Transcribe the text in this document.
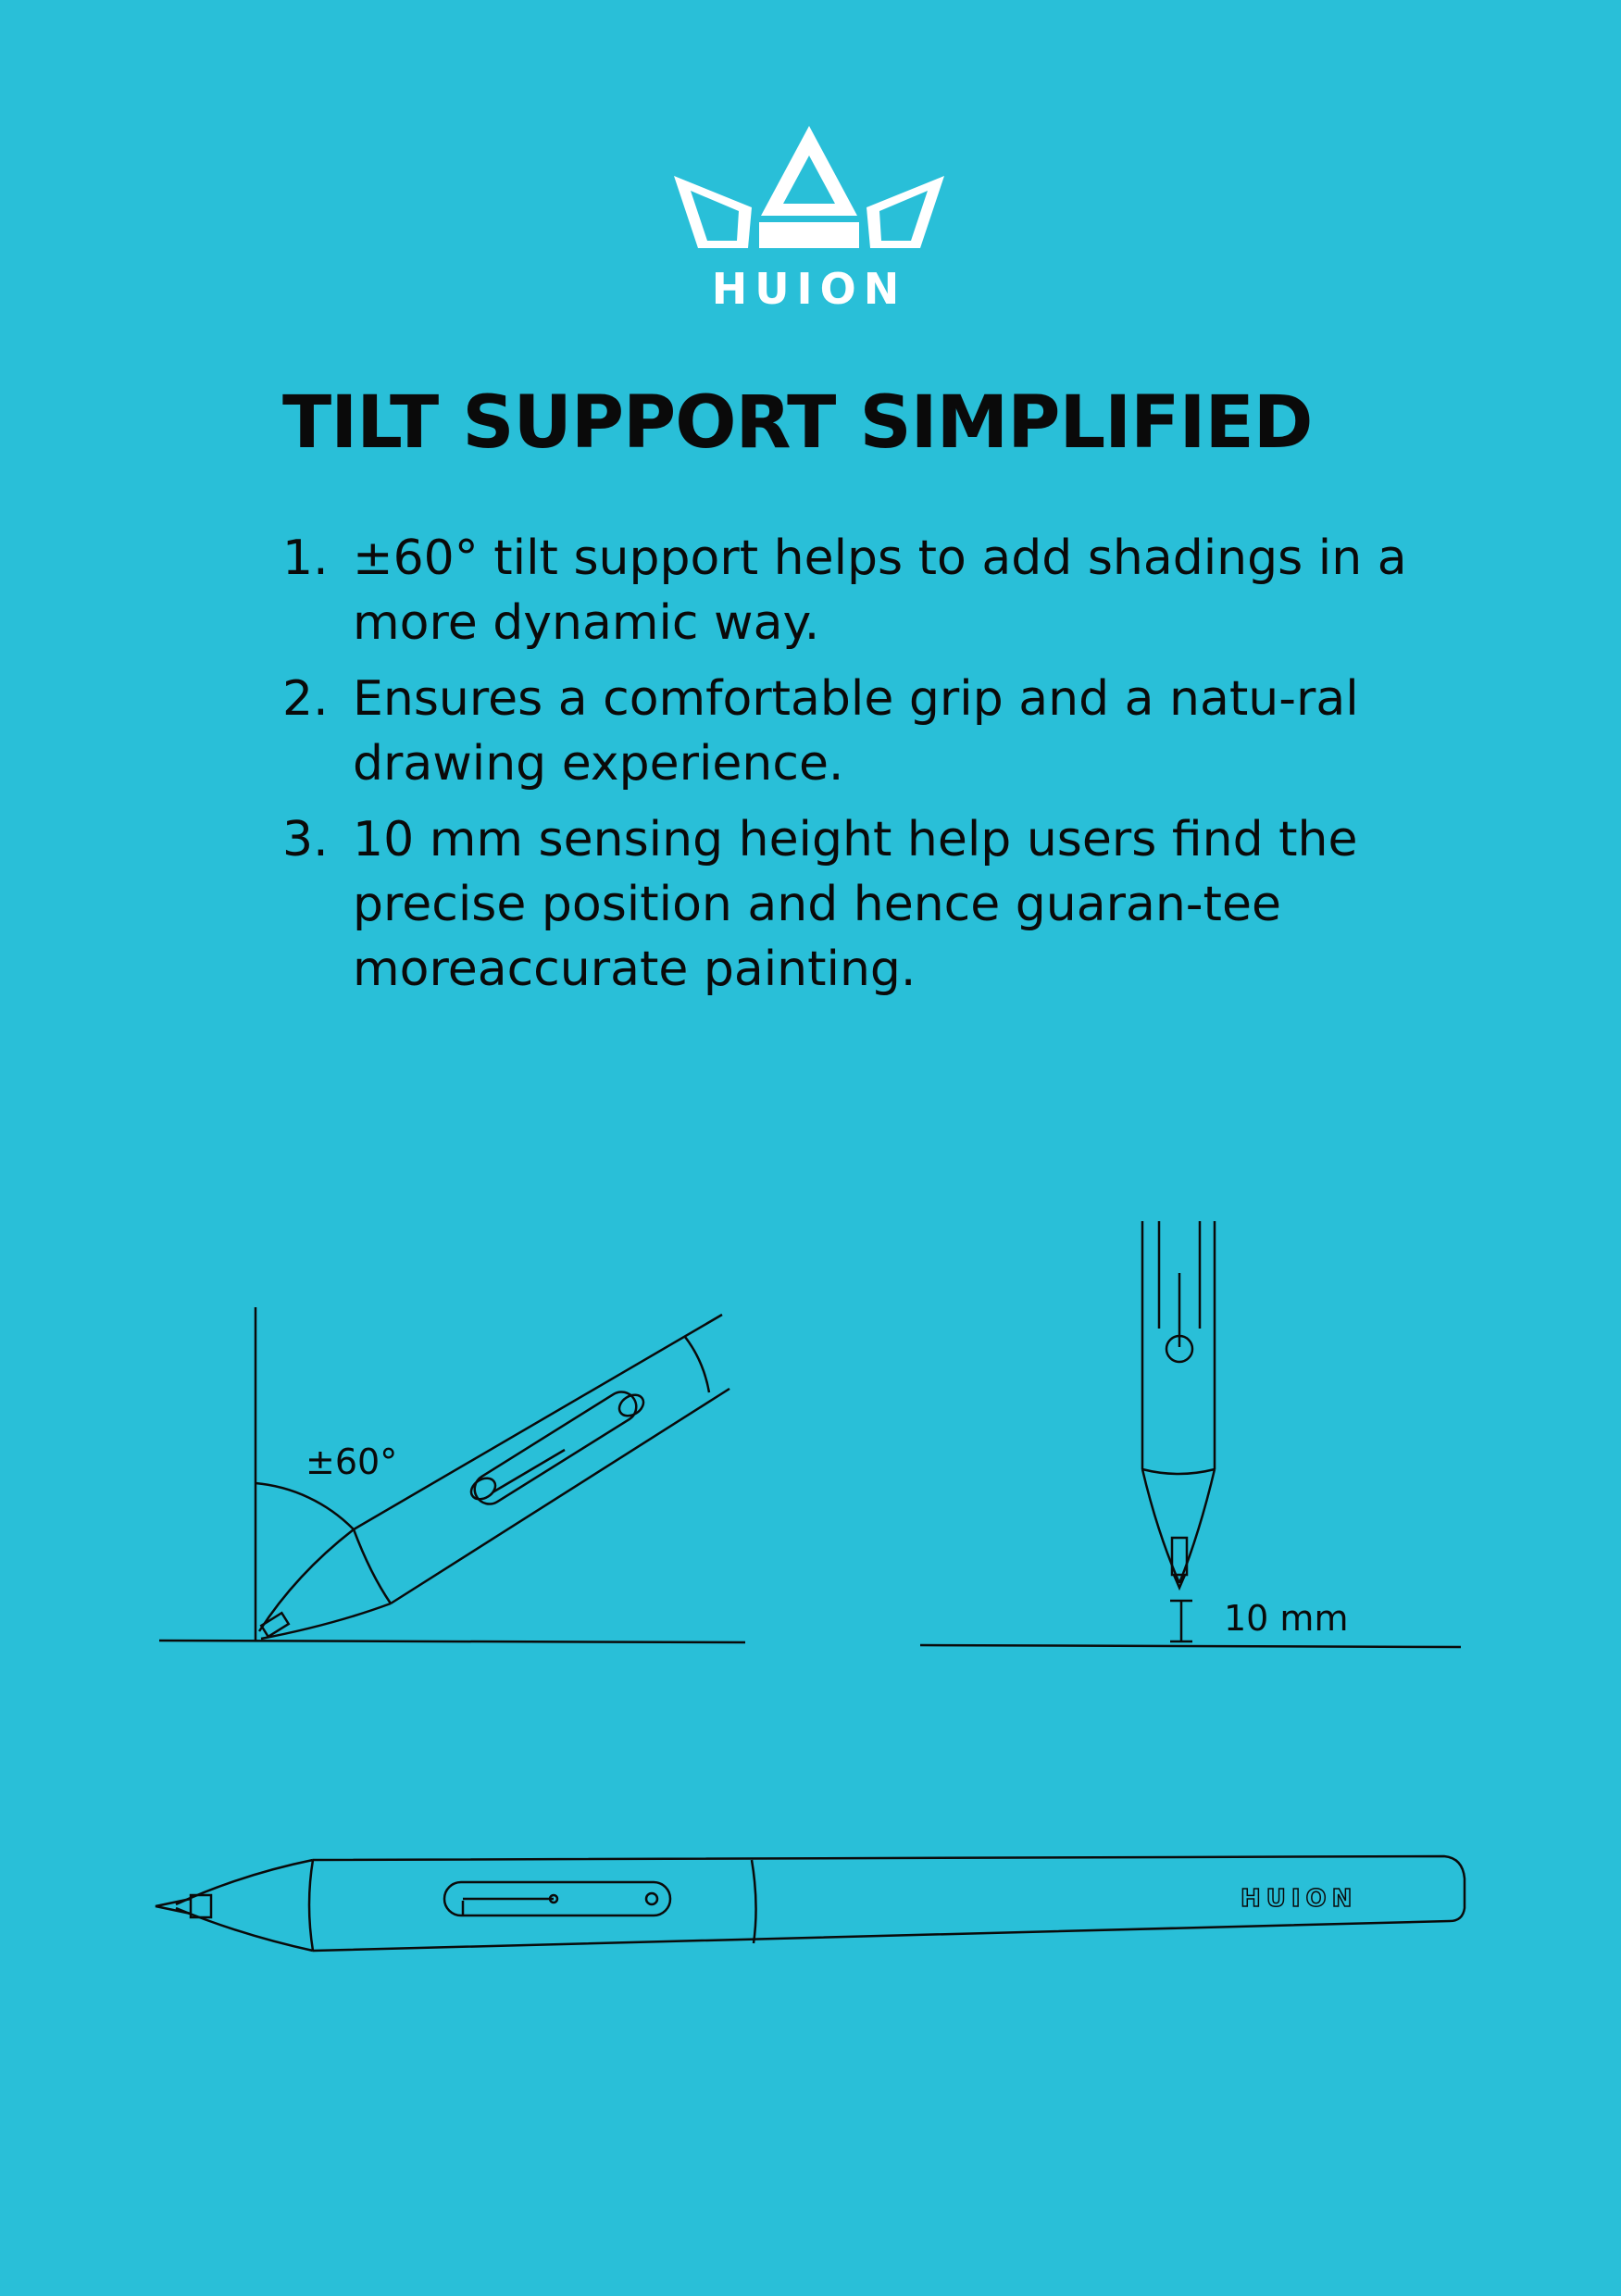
HUION
TILT SUPPORT SIMPLIFIED
1. ±60° tilt support helps to add shadings in a more dynamic way.
2. Ensures a comfortable grip and a natu-ral drawing experience.
3. 10 mm sensing height help users find the precise position and hence guaran-tee moreaccurate painting.
±60°
10 mm
HUION
